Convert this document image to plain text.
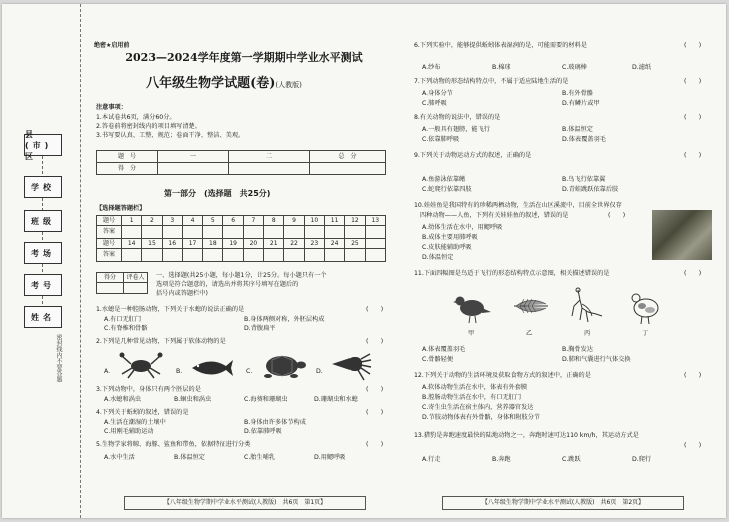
县(市)区
学校
班级
考场
考号
姓名
密封线内不要答题
绝密★启用前
2023—2024学年度第一学期期中学业水平测试
八年级生物学试题(卷)(人教版)
注意事项：
1.本试卷共6页，满分60分。
2.答卷前将密封线内的项目填写清楚。
3.书写要认真、工整、规范；卷面干净、整洁、美观。
题　号	一	二	总　分
得　分			
第一部分　(选择题　共25分)
【选择题答题栏】
题号	1	2	3	4	5	6	7	8	9	10	11	12	13
答案													
题号	14	15	16	17	18	19	20	21	22	23	24	25	
答案													
得分	评卷人
	一、选择题(共25小题，每小题1分，计25分。每小题只有一个
选项是符合题意的，请选出并将其序号填写在题后的
括号内或答题栏中)
1.水螅是一种腔肠动物，下列关于水螅的说法正确的是	(　　)
A.有口无肛门	B.身体两侧对称，外胚层构成
C.有脊椎和骨骼	D.背腹扁平
2.下列是几种常见动物，下列属于软体动物的是	(　　)
A.	B.	C.	D.
3.下列动物中，身体只有两个胚层的是	(　　)
A.水螅和涡虫	B.蛔虫和涡虫	C.海葵和珊瑚虫	D.珊瑚虫和水螅
4.下列关于蚯蚓的叙述，错误的是	(　　)
A.生活在潮湿的土壤中	B.身体由许多体节构成
C.用刚毛辅助运动	D.依靠肺呼吸
5.生物学家将鲸、海豚、鲨鱼和带鱼，依据特征进行分类	(　　)
A.水中生活	B.体温恒定	C.胎生哺乳	D.用鳃呼吸
【八年级生物学期中学业水平测试(人教版)　共6页　第1页】
6.下列实验中，能够提供蚯蚓体表湿润的是，可能需要的材料是	(　　)
A.纱布	B.棉球	C.玻璃棒	D.滤纸
7.下列动物的形态结构特点中，不属于适应陆地生活的是	(　　)
A.身体分节	B.有外骨骼
C.肺呼吸	D.有鳞片或甲
8.有关动物的说法中，错误的是	(　　)
A.一般具有翅膀，能飞行	B.体温恒定
C.依靠肺呼吸	D.体表覆盖羽毛
9.下列关于动物运动方式的叙述，正确的是	(　　)
A.鱼游泳依靠鳍	B.鸟飞行依靠翼
C.蛇爬行依靠四肢	D.青蛙跳跃依靠后肢
10.娃娃鱼是我国特有的珍稀两栖动物，生活在山区溪流中，目前全世界仅存
四种动物——人鱼，下列有关娃娃鱼的叙述，错误的是	(　　)
A.幼体生活在水中，用鳃呼吸
B.成体主要用肺呼吸
C.皮肤能辅助呼吸
D.体温恒定
11.下面四幅图是鸟适于飞行的形态结构特点示意图，相关描述错误的是	(　　)
甲	乙	丙	丁
A.体表覆盖羽毛	B.胸骨发达
C.骨骼轻便	D.肺和气囊进行气体交换
12.下列关于动物的生活环境及获取食物方式的叙述中，正确的是	(　　)
A.软体动物生活在水中，体表有外套膜
B.腔肠动物生活在水中，有口无肛门
C.寄生虫生活在宿主体内，营养器官发达
D.节肢动物体表有外骨骼，身体和附肢分节
13.猎豹是奔跑速度最快的陆地动物之一，奔跑时速可达110 km/h，其运动方式是
(　　)
A.行走	B.奔跑	C.跳跃	D.爬行
【八年级生物学期中学业水平测试(人教版)　共6页　第2页】
